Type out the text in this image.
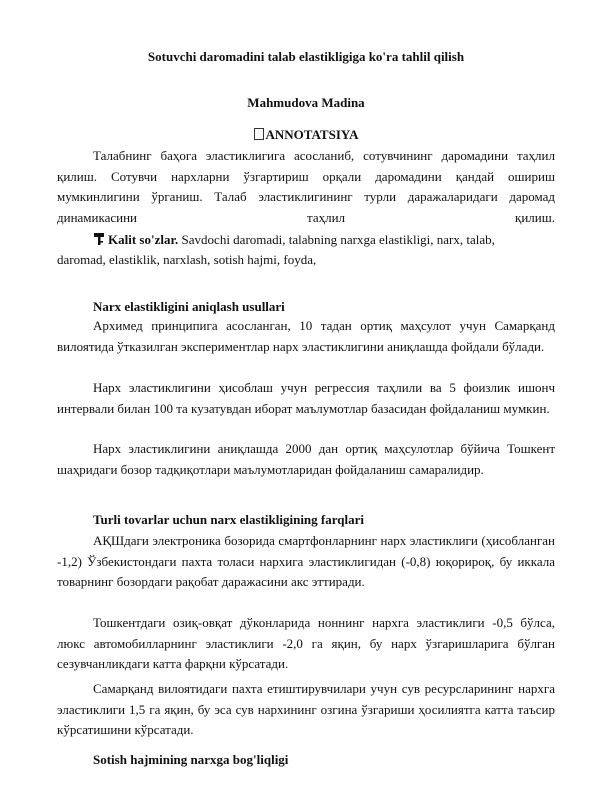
Sotuvchi daromadini talab elastikligiga ko'ra tahlil qilish
Mahmudova Madina
ANNOTATSIYA
Талабнинг баҳога эластиклигига асосланиб, сотувчининг даромадини таҳлил қилиш. Сотувчи нархларни ўзгартириш орқали даромадини қандай ошириш мумкинлигини ўрганиш. Талаб эластиклигининг турли даражаларидаги даромад динамикасини таҳлил қилиш.
Kalit so'zlar. Savdochi daromadi, talabning narxga elastikligi, narx, talab,
daromad, elastiklik, narxlash, sotish hajmi, foyda,
Narx elastikligini aniqlash usullari
Архимед принципига асосланган, 10 тадан ортиқ маҳсулот учун Самарқанд вилоятида ўтказилган экспериментлар нарх эластиклигини аниқлашда фойдали бўлади.
Нарх эластиклигини ҳисоблаш учун регрессия таҳлили ва 5 фоизлик ишонч интервали билан 100 та кузатувдан иборат маълумотлар базасидан фойдаланиш мумкин.
Нарх эластиклигини аниқлашда 2000 дан ортиқ маҳсулотлар бўйича Тошкент шаҳридаги бозор тадқиқотлари маълумотларидан фойдаланиш самаралидир.
Turli tovarlar uchun narx elastikligining farqlari
АҚШдаги электроника бозорида смартфонларнинг нарх эластиклиги (ҳисобланган -1,2) Ўзбекистондаги пахта толаси нархига эластиклигидан (-0,8) юқорироқ, бу иккала товарнинг бозордаги рақобат даражасини акс эттиради.
Тошкентдаги озиқ-овқат дўконларида ноннинг нархга эластиклиги -0,5 бўлса, люкс автомобилларнинг эластиклиги -2,0 га яқин, бу нарх ўзгаришларига бўлган сезувчанликдаги катта фарқни кўрсатади.
Самарқанд вилоятидаги пахта етиштирувчилари учун сув ресурсларининг нархга эластиклиги 1,5 га яқин, бу эса сув нархининг озгина ўзгариши ҳосилиятга катта таъсир кўрсатишини кўрсатади.
Sotish hajmining narxga bog'liqligi
